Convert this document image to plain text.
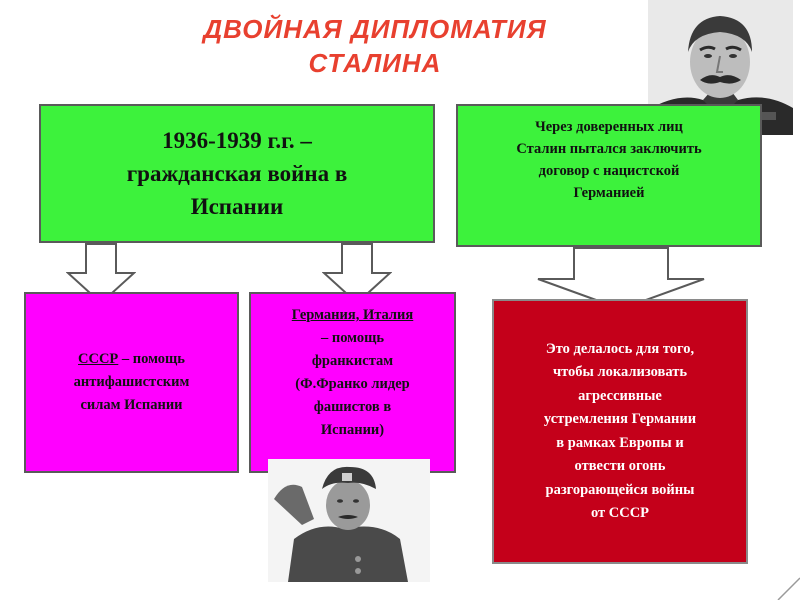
ДВОЙНАЯ ДИПЛОМАТИЯ
СТАЛИНА
1936-1939 г.г. –
гражданская война в
Испании
Через доверенных лиц
Сталин пытался заключить
договор с нацистской
Германией
СССР – помощь
антифашистским
силам Испании
Германия, Италия
– помощь
франкистам
(Ф.Франко лидер
фашистов в
Испании)
Это делалось для того,
чтобы локализовать
агрессивные
устремления Германии
в рамках Европы и
отвести огонь
разгорающейся войны
от СССР
